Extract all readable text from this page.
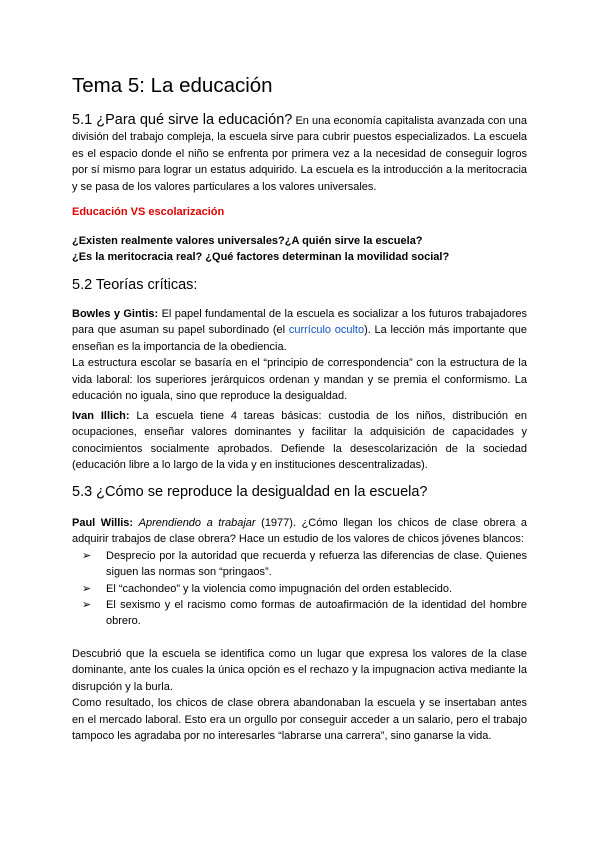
Tema 5: La educación

5.1 ¿Para qué sirve la educación? En una economía capitalista avanzada con una división del trabajo compleja, la escuela sirve para cubrir puestos especializados. La escuela es el espacio donde el niño se enfrenta por primera vez a la necesidad de conseguir logros por sí mismo para lograr un estatus adquirido. La escuela es la introducción a la meritocracia y se pasa de los valores particulares a los valores universales.

Educación VS escolarización

¿Existen realmente valores universales?¿A quién sirve la escuela?

¿Es la meritocracia real? ¿Qué factores determinan la movilidad social?

5.2 Teorías críticas:

Bowles y Gintis: El papel fundamental de la escuela es socializar a los futuros trabajadores para que asuman su papel subordinado (el currículo oculto). La lección más importante que enseñan es la importancia de la obediencia.

La estructura escolar se basaría en el “principio de correspondencia” con la estructura de la vida laboral: los superiores jerárquicos ordenan y mandan y se premia el conformismo. La educación no iguala, sino que reproduce la desigualdad.

Ivan Illich: La escuela tiene 4 tareas básicas: custodia de los niños, distribución en ocupaciones, enseñar valores dominantes y facilitar la adquisición de capacidades y conocimientos socialmente aprobados. Defiende la desescolarización de la sociedad (educación libre a lo largo de la vida y en instituciones descentralizadas).

5.3 ¿Cómo se reproduce la desigualdad en la escuela?

Paul Willis: Aprendiendo a trabajar (1977). ¿Cómo llegan los chicos de clase obrera a adquirir trabajos de clase obrera? Hace un estudio de los valores de chicos jóvenes blancos:

➢ Desprecio por la autoridad que recuerda y refuerza las diferencias de clase. Quienes siguen las normas son “pringaos”.
➢ El “cachondeo” y la violencia como impugnación del orden establecido.
➢ El sexismo y el racismo como formas de autoafirmación de la identidad del hombre obrero.

Descubrió que la escuela se identifica como un lugar que expresa los valores de la clase dominante, ante los cuales la única opción es el rechazo y la impugnacion activa mediante la disrupción y la burla.

Como resultado, los chicos de clase obrera abandonaban la escuela y se insertaban antes en el mercado laboral. Esto era un orgullo por conseguir acceder a un salario, pero el trabajo tampoco les agradaba por no interesarles “labrarse una carrera”, sino ganarse la vida.
